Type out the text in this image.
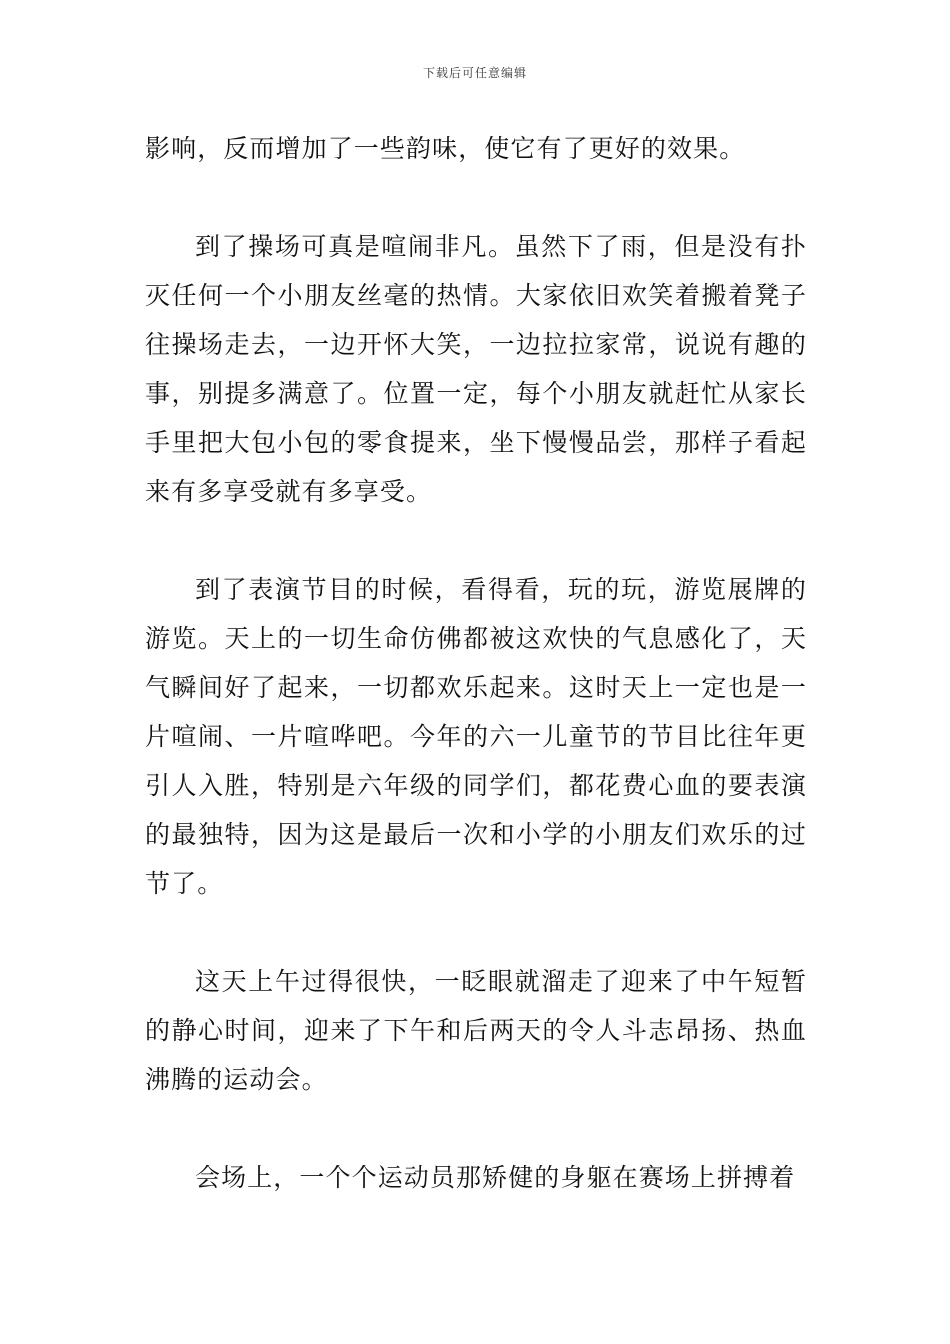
下载后可任意编辑

影响，反而增加了一些韵味，使它有了更好的效果。

到了操场可真是喧闹非凡。虽然下了雨，但是没有扑灭任何一个小朋友丝毫的热情。大家依旧欢笑着搬着凳子往操场走去，一边开怀大笑，一边拉拉家常，说说有趣的事，别提多满意了。位置一定，每个小朋友就赶忙从家长手里把大包小包的零食提来，坐下慢慢品尝，那样子看起来有多享受就有多享受。

到了表演节目的时候，看得看，玩的玩，游览展牌的游览。天上的一切生命仿佛都被这欢快的气息感化了，天气瞬间好了起来，一切都欢乐起来。这时天上一定也是一片喧闹、一片喧哗吧。今年的六一儿童节的节目比往年更引人入胜，特别是六年级的同学们，都花费心血的要表演的最独特，因为这是最后一次和小学的小朋友们欢乐的过节了。

这天上午过得很快，一眨眼就溜走了迎来了中午短暂的静心时间，迎来了下午和后两天的令人斗志昂扬、热血沸腾的运动会。

会场上，一个个运动员那矫健的身躯在赛场上拼搏着
